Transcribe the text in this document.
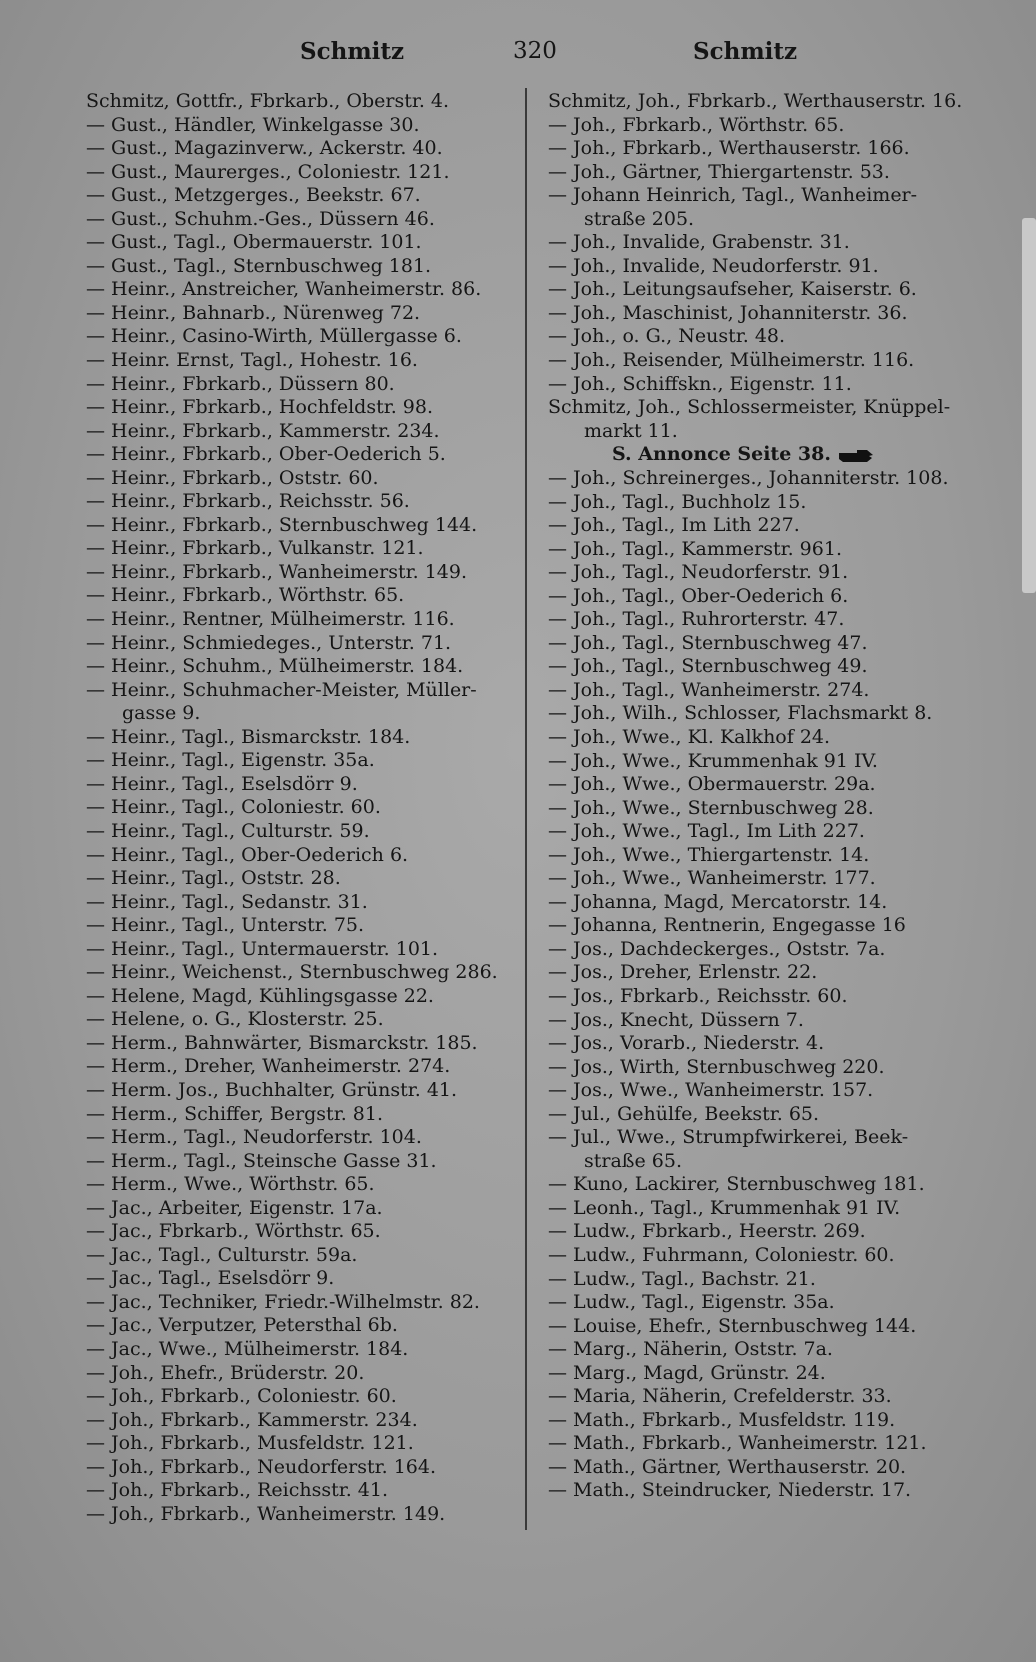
Schmitz	320	Schmitz
Schmitz, Gottfr., Fbrkarb., Oberstr. 4.
— Gust., Händler, Winkelgasse 30.
— Gust., Magazinverw., Ackerstr. 40.
— Gust., Maurerges., Coloniestr. 121.
— Gust., Metzgerges., Beekstr. 67.
— Gust., Schuhm.-Ges., Düssern 46.
— Gust., Tagl., Obermauerstr. 101.
— Gust., Tagl., Sternbuschweg 181.
— Heinr., Anstreicher, Wanheimerstr. 86.
— Heinr., Bahnarb., Nürenweg 72.
— Heinr., Casino-Wirth, Müllergasse 6.
— Heinr. Ernst, Tagl., Hohestr. 16.
— Heinr., Fbrkarb., Düssern 80.
— Heinr., Fbrkarb., Hochfeldstr. 98.
— Heinr., Fbrkarb., Kammerstr. 234.
— Heinr., Fbrkarb., Ober-Oederich 5.
— Heinr., Fbrkarb., Oststr. 60.
— Heinr., Fbrkarb., Reichsstr. 56.
— Heinr., Fbrkarb., Sternbuschweg 144.
— Heinr., Fbrkarb., Vulkanstr. 121.
— Heinr., Fbrkarb., Wanheimerstr. 149.
— Heinr., Fbrkarb., Wörthstr. 65.
— Heinr., Rentner, Mülheimerstr. 116.
— Heinr., Schmiedeges., Unterstr. 71.
— Heinr., Schuhm., Mülheimerstr. 184.
— Heinr., Schuhmacher-Meister, Müller-
gasse 9.
— Heinr., Tagl., Bismarckstr. 184.
— Heinr., Tagl., Eigenstr. 35a.
— Heinr., Tagl., Eselsdörr 9.
— Heinr., Tagl., Coloniestr. 60.
— Heinr., Tagl., Culturstr. 59.
— Heinr., Tagl., Ober-Oederich 6.
— Heinr., Tagl., Oststr. 28.
— Heinr., Tagl., Sedanstr. 31.
— Heinr., Tagl., Unterstr. 75.
— Heinr., Tagl., Untermauerstr. 101.
— Heinr., Weichenst., Sternbuschweg 286.
— Helene, Magd, Kühlingsgasse 22.
— Helene, o. G., Klosterstr. 25.
— Herm., Bahnwärter, Bismarckstr. 185.
— Herm., Dreher, Wanheimerstr. 274.
— Herm. Jos., Buchhalter, Grünstr. 41.
— Herm., Schiffer, Bergstr. 81.
— Herm., Tagl., Neudorferstr. 104.
— Herm., Tagl., Steinsche Gasse 31.
— Herm., Wwe., Wörthstr. 65.
— Jac., Arbeiter, Eigenstr. 17a.
— Jac., Fbrkarb., Wörthstr. 65.
— Jac., Tagl., Culturstr. 59a.
— Jac., Tagl., Eselsdörr 9.
— Jac., Techniker, Friedr.-Wilhelmstr. 82.
— Jac., Verputzer, Petersthal 6b.
— Jac., Wwe., Mülheimerstr. 184.
— Joh., Ehefr., Brüderstr. 20.
— Joh., Fbrkarb., Coloniestr. 60.
— Joh., Fbrkarb., Kammerstr. 234.
— Joh., Fbrkarb., Musfeldstr. 121.
— Joh., Fbrkarb., Neudorferstr. 164.
— Joh., Fbrkarb., Reichsstr. 41.
— Joh., Fbrkarb., Wanheimerstr. 149.
Schmitz, Joh., Fbrkarb., Werthauserstr. 16.
— Joh., Fbrkarb., Wörthstr. 65.
— Joh., Fbrkarb., Werthauserstr. 166.
— Joh., Gärtner, Thiergartenstr. 53.
— Johann Heinrich, Tagl., Wanheimer-
straße 205.
— Joh., Invalide, Grabenstr. 31.
— Joh., Invalide, Neudorferstr. 91.
— Joh., Leitungsaufseher, Kaiserstr. 6.
— Joh., Maschinist, Johanniterstr. 36.
— Joh., o. G., Neustr. 48.
— Joh., Reisender, Mülheimerstr. 116.
— Joh., Schiffskn., Eigenstr. 11.
Schmitz, Joh., Schlossermeister, Knüppel-
markt 11.
S. Annonce Seite 38.
— Joh., Schreinerges., Johanniterstr. 108.
— Joh., Tagl., Buchholz 15.
— Joh., Tagl., Im Lith 227.
— Joh., Tagl., Kammerstr. 961.
— Joh., Tagl., Neudorferstr. 91.
— Joh., Tagl., Ober-Oederich 6.
— Joh., Tagl., Ruhrorterstr. 47.
— Joh., Tagl., Sternbuschweg 47.
— Joh., Tagl., Sternbuschweg 49.
— Joh., Tagl., Wanheimerstr. 274.
— Joh., Wilh., Schlosser, Flachsmarkt 8.
— Joh., Wwe., Kl. Kalkhof 24.
— Joh., Wwe., Krummenhak 91 IV.
— Joh., Wwe., Obermauerstr. 29a.
— Joh., Wwe., Sternbuschweg 28.
— Joh., Wwe., Tagl., Im Lith 227.
— Joh., Wwe., Thiergartenstr. 14.
— Joh., Wwe., Wanheimerstr. 177.
— Johanna, Magd, Mercatorstr. 14.
— Johanna, Rentnerin, Engegasse 16
— Jos., Dachdeckerges., Oststr. 7a.
— Jos., Dreher, Erlenstr. 22.
— Jos., Fbrkarb., Reichsstr. 60.
— Jos., Knecht, Düssern 7.
— Jos., Vorarb., Niederstr. 4.
— Jos., Wirth, Sternbuschweg 220.
— Jos., Wwe., Wanheimerstr. 157.
— Jul., Gehülfe, Beekstr. 65.
— Jul., Wwe., Strumpfwirkerei, Beek-
straße 65.
— Kuno, Lackirer, Sternbuschweg 181.
— Leonh., Tagl., Krummenhak 91 IV.
— Ludw., Fbrkarb., Heerstr. 269.
— Ludw., Fuhrmann, Coloniestr. 60.
— Ludw., Tagl., Bachstr. 21.
— Ludw., Tagl., Eigenstr. 35a.
— Louise, Ehefr., Sternbuschweg 144.
— Marg., Näherin, Oststr. 7a.
— Marg., Magd, Grünstr. 24.
— Maria, Näherin, Crefelderstr. 33.
— Math., Fbrkarb., Musfeldstr. 119.
— Math., Fbrkarb., Wanheimerstr. 121.
— Math., Gärtner, Werthauserstr. 20.
— Math., Steindrucker, Niederstr. 17.
